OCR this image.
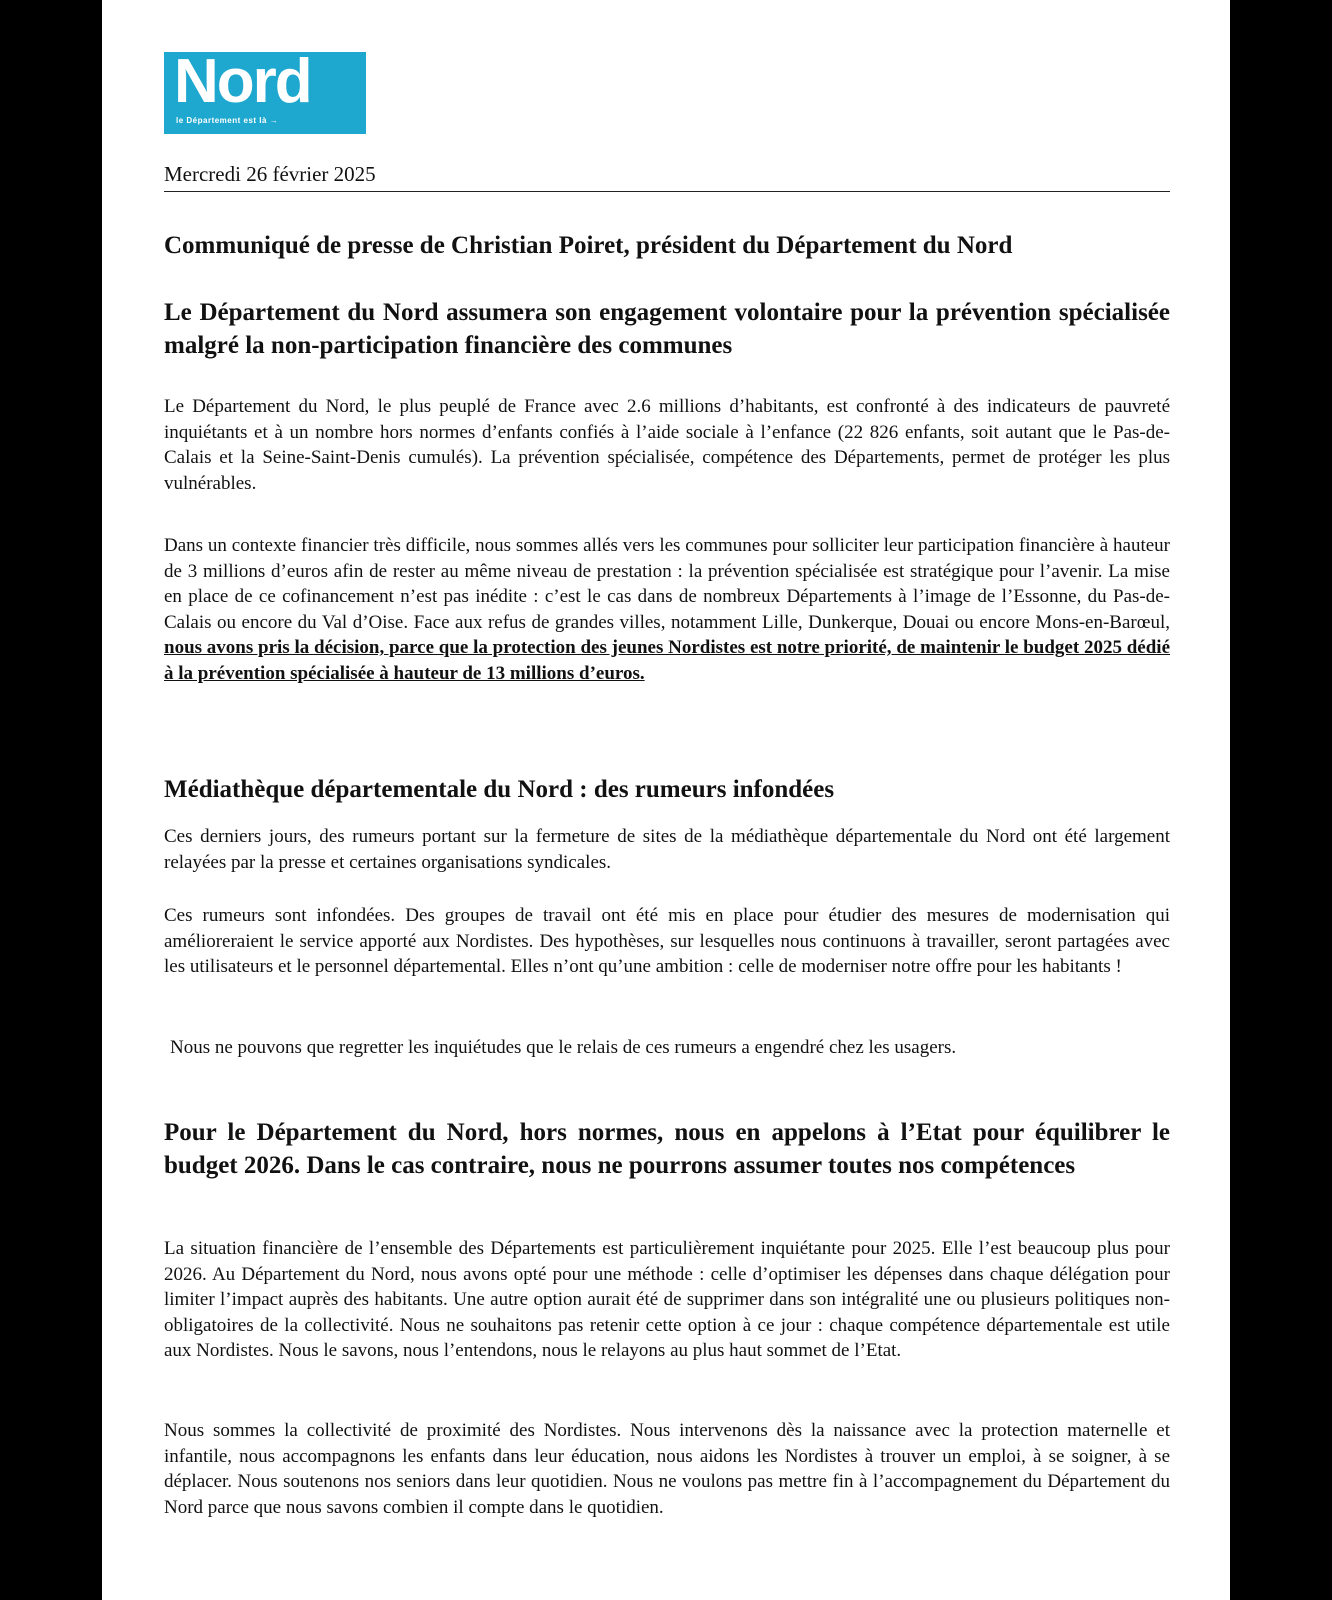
Nord
le Département est là →
Mercredi 26 février 2025
Communiqué de presse de Christian Poiret, président du Département du Nord
Le Département du Nord assumera son engagement volontaire pour la prévention spécialisée malgré la non-participation financière des communes

Le Département du Nord, le plus peuplé de France avec 2.6 millions d’habitants, est confronté à des indicateurs de pauvreté inquiétants et à un nombre hors normes d’enfants confiés à l’aide sociale à l’enfance (22 826 enfants, soit autant que le Pas-de-Calais et la Seine-Saint-Denis cumulés). La prévention spécialisée, compétence des Départements, permet de protéger les plus vulnérables.

Dans un contexte financier très difficile, nous sommes allés vers les communes pour solliciter leur participation financière à hauteur de 3 millions d’euros afin de rester au même niveau de prestation : la prévention spécialisée est stratégique pour l’avenir. La mise en place de ce cofinancement n’est pas inédite : c’est le cas dans de nombreux Départements à l’image de l’Essonne, du Pas-de-Calais ou encore du Val d’Oise. Face aux refus de grandes villes, notamment Lille, Dunkerque, Douai ou encore Mons-en-Barœul, nous avons pris la décision, parce que la protection des jeunes Nordistes est notre priorité, de maintenir le budget 2025 dédié à la prévention spécialisée à hauteur de 13 millions d’euros.

Médiathèque départementale du Nord : des rumeurs infondées

Ces derniers jours, des rumeurs portant sur la fermeture de sites de la médiathèque départementale du Nord ont été largement relayées par la presse et certaines organisations syndicales.

Ces rumeurs sont infondées. Des groupes de travail ont été mis en place pour étudier des mesures de modernisation qui amélioreraient le service apporté aux Nordistes. Des hypothèses, sur lesquelles nous continuons à travailler, seront partagées avec les utilisateurs et le personnel départemental. Elles n’ont qu’une ambition : celle de moderniser notre offre pour les habitants !

Nous ne pouvons que regretter les inquiétudes que le relais de ces rumeurs a engendré chez les usagers.

Pour le Département du Nord, hors normes, nous en appelons à l’Etat pour équilibrer le budget 2026. Dans le cas contraire, nous ne pourrons assumer toutes nos compétences

La situation financière de l’ensemble des Départements est particulièrement inquiétante pour 2025. Elle l’est beaucoup plus pour 2026. Au Département du Nord, nous avons opté pour une méthode : celle d’optimiser les dépenses dans chaque délégation pour limiter l’impact auprès des habitants. Une autre option aurait été de supprimer dans son intégralité une ou plusieurs politiques non-obligatoires de la collectivité. Nous ne souhaitons pas retenir cette option à ce jour : chaque compétence départementale est utile aux Nordistes. Nous le savons, nous l’entendons, nous le relayons au plus haut sommet de l’Etat.

Nous sommes la collectivité de proximité des Nordistes. Nous intervenons dès la naissance avec la protection maternelle et infantile, nous accompagnons les enfants dans leur éducation, nous aidons les Nordistes à trouver un emploi, à se soigner, à se déplacer. Nous soutenons nos seniors dans leur quotidien. Nous ne voulons pas mettre fin à l’accompagnement du Département du Nord parce que nous savons combien il compte dans le quotidien.
